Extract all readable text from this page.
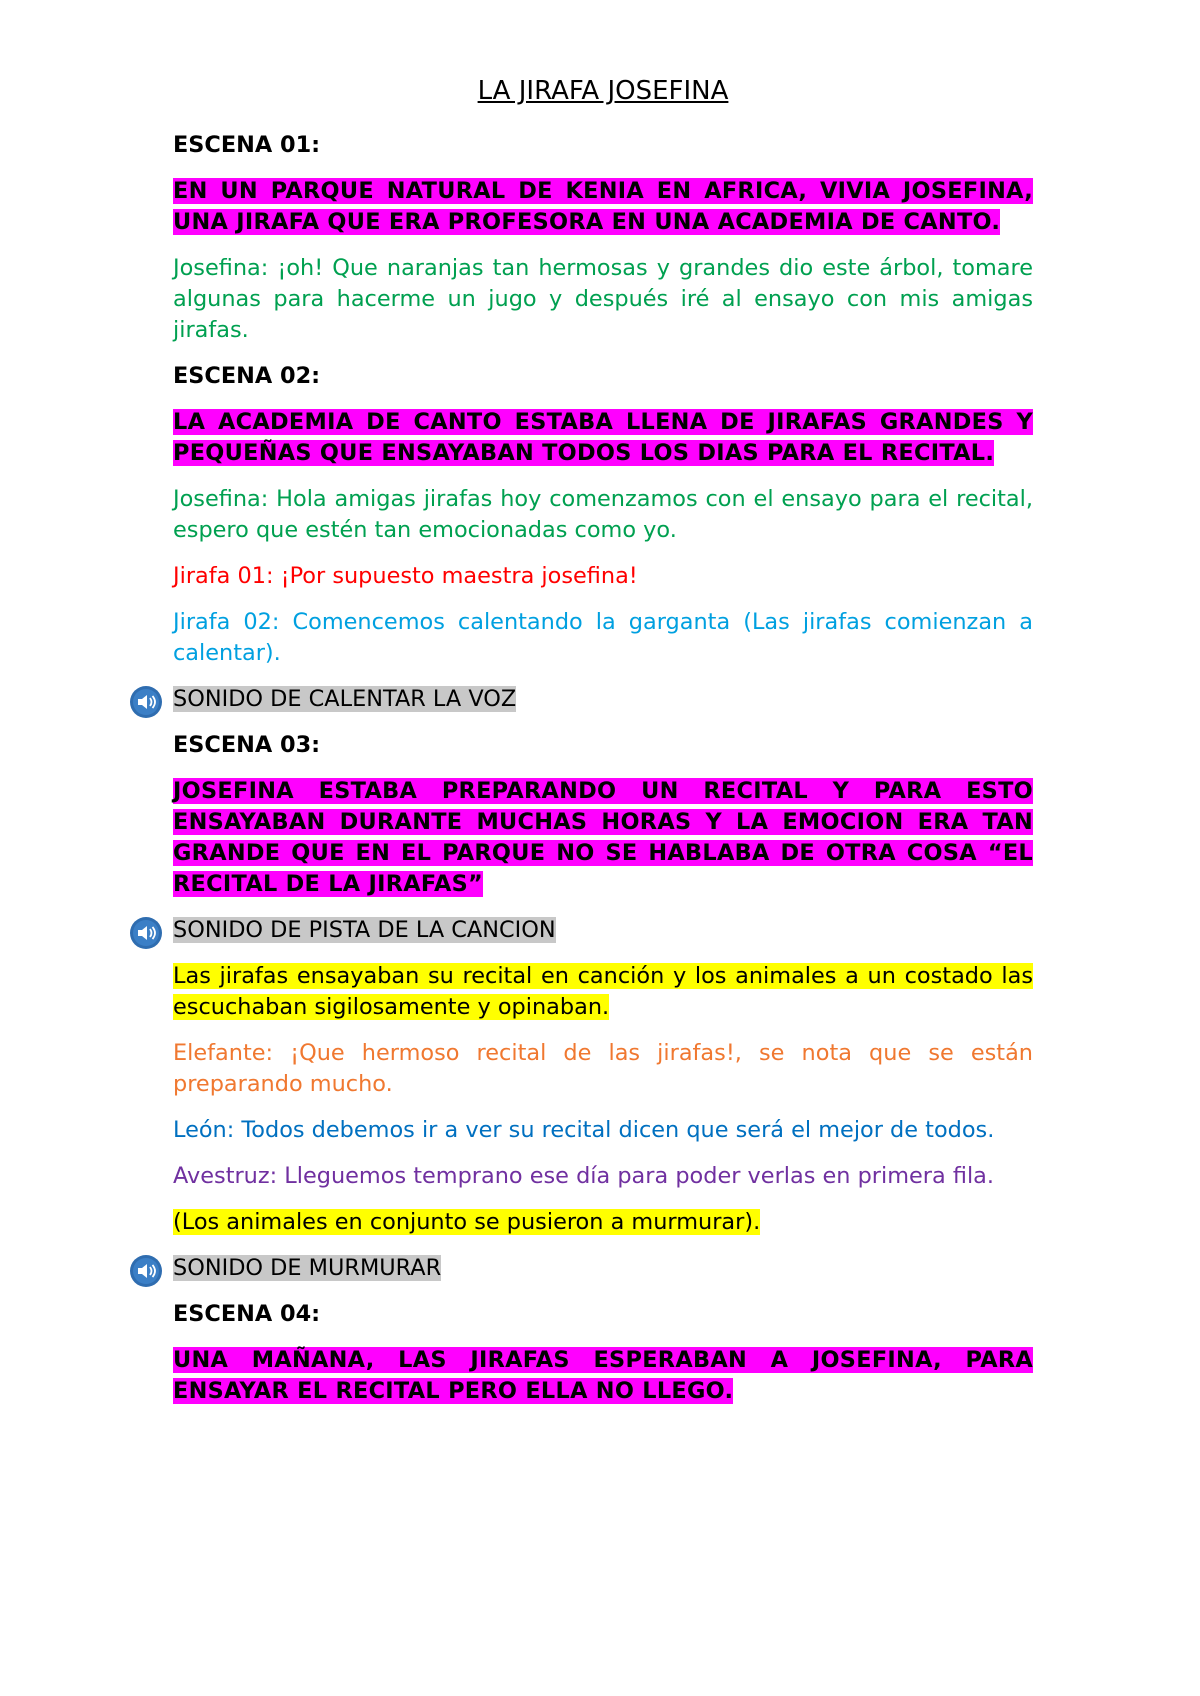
LA JIRAFA JOSEFINA
ESCENA 01:
EN UN PARQUE NATURAL DE KENIA EN AFRICA, VIVIA JOSEFINA, UNA JIRAFA QUE ERA PROFESORA EN UNA ACADEMIA DE CANTO.
Josefina: ¡oh! Que naranjas tan hermosas y grandes dio este árbol, tomare algunas para hacerme un jugo y después iré al ensayo con mis amigas jirafas.
ESCENA 02:
LA ACADEMIA DE CANTO ESTABA LLENA DE JIRAFAS GRANDES Y PEQUEÑAS QUE ENSAYABAN TODOS LOS DIAS PARA EL RECITAL.
Josefina: Hola amigas jirafas hoy comenzamos con el ensayo para el recital, espero que estén tan emocionadas como yo.
Jirafa 01: ¡Por supuesto maestra josefina!
Jirafa 02: Comencemos calentando la garganta (Las jirafas comienzan a calentar).
SONIDO DE CALENTAR LA VOZ
ESCENA 03:
JOSEFINA ESTABA PREPARANDO UN RECITAL Y PARA ESTO ENSAYABAN DURANTE MUCHAS HORAS Y LA EMOCION ERA TAN GRANDE QUE EN EL PARQUE NO SE HABLABA DE OTRA COSA “EL RECITAL DE LA JIRAFAS”
SONIDO DE PISTA DE LA CANCION
Las jirafas ensayaban su recital en canción y los animales a un costado las escuchaban sigilosamente y opinaban.
Elefante: ¡Que hermoso recital de las jirafas!, se nota que se están preparando mucho.
León: Todos debemos ir a ver su recital dicen que será el mejor de todos.
Avestruz: Lleguemos temprano ese día para poder verlas en primera fila.
(Los animales en conjunto se pusieron a murmurar).
SONIDO DE MURMURAR
ESCENA 04:
UNA MAÑANA, LAS JIRAFAS ESPERABAN A JOSEFINA, PARA ENSAYAR EL RECITAL PERO ELLA NO LLEGO.
